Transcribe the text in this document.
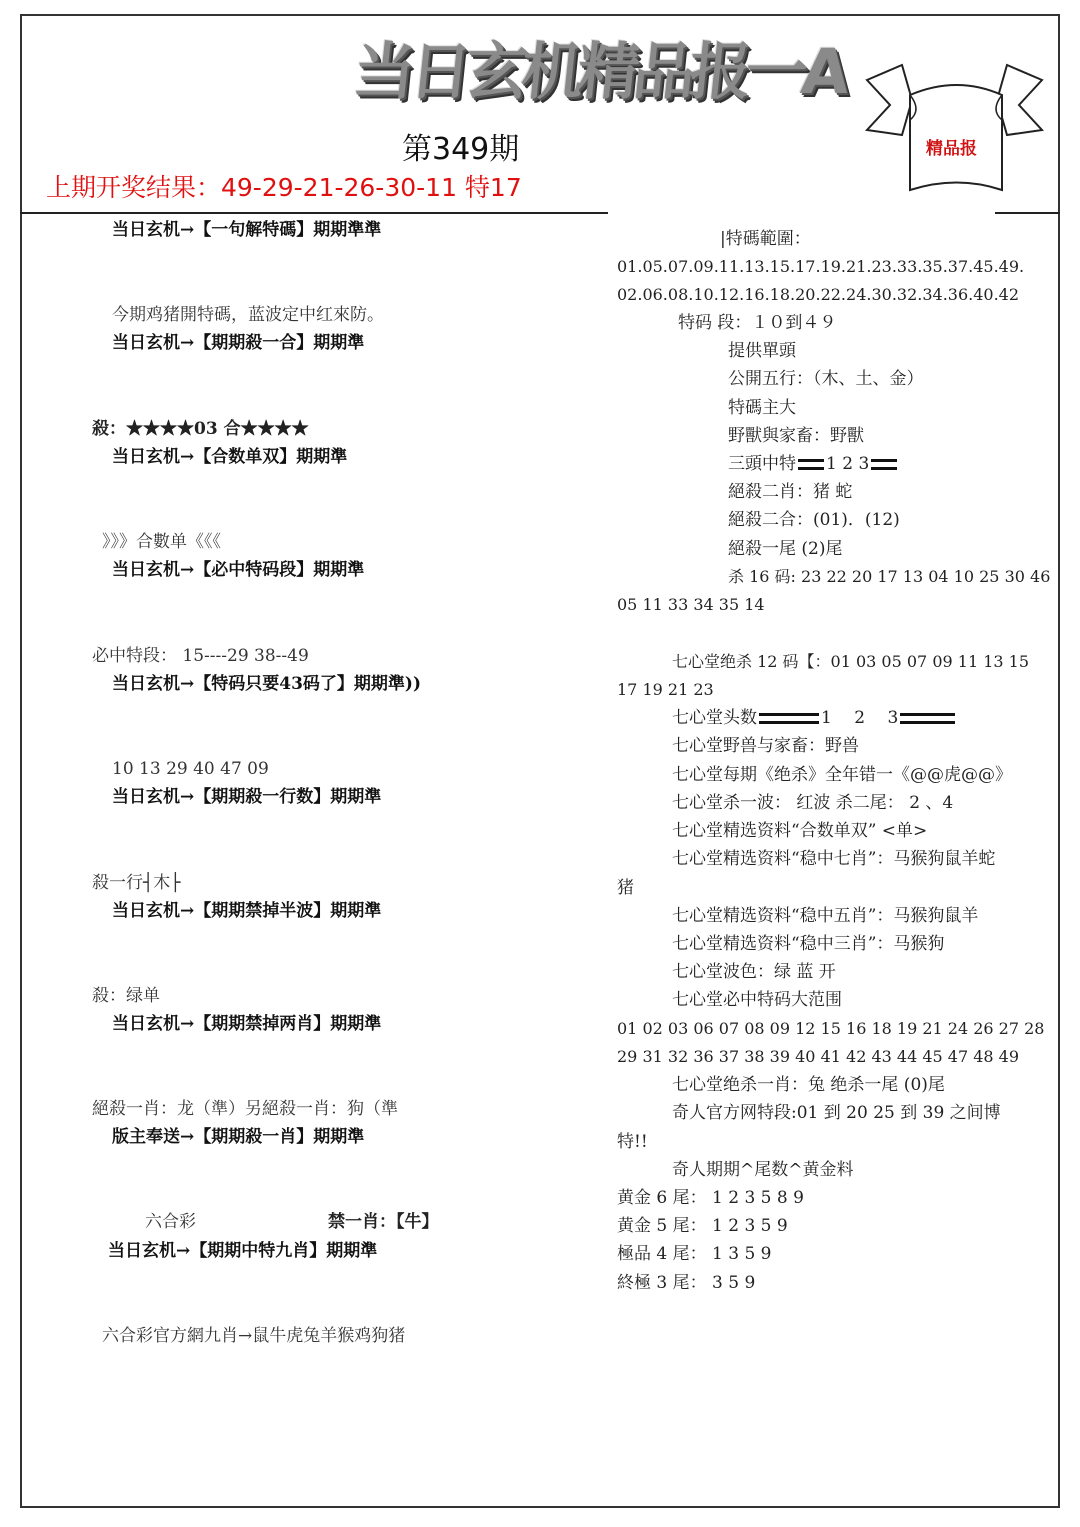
当日玄机精品报一A
精品报
第349期
上期开奖结果：49-29-21-26-30-11 特17
当日玄机→【一句解特碼】期期準準
今期鸡猪開特碼，蓝波定中红來防。
当日玄机→【期期殺一合】期期準
殺：★★★★03 合★★★★
当日玄机→【合数单双】期期準
》》》合數单《《《
当日玄机→【必中特码段】期期準
必中特段： 15----29 38--49
当日玄机→【特码只要43码了】期期準))
10 13 29 40 47 09
当日玄机→【期期殺一行数】期期準
殺一行┤木├
当日玄机→【期期禁掉半波】期期準
殺：绿单
当日玄机→【期期禁掉两肖】期期準
絕殺一肖：龙（準）另絕殺一肖：狗（準
版主奉送→【期期殺一肖】期期準
六合彩	禁一肖：【牛】
当日玄机→【期期中特九肖】期期準
六合彩官方網九肖→鼠牛虎兔羊猴鸡狗猪
|特碼範圍：
01.05.07.09.11.13.15.17.19.21.23.33.35.37.45.49.
02.06.08.10.12.16.18.20.22.24.30.32.34.36.40.42
特码 段：１０到４９
提供單頭
公開五行：（木、土、金）
特碼主大
野獸與家畜：野獸
三頭中特 1 2 3
絕殺二肖：猪 蛇
絕殺二合：(01)．(12)
絕殺一尾 (2)尾
杀 16 码: 23 22 20 17 13 04 10 25 30 46
05 11 33 34 35 14
七心堂绝杀 12 码【：01 03 05 07 09 11 13 15
17 19 21 23
七心堂头数	1　 2　 3
七心堂野兽与家畜：野兽
七心堂每期《绝杀》全年错一《@@虎@@》
七心堂杀一波： 红波 杀二尾： 2 、4
七心堂精选资料“合数单双” <单>
七心堂精选资料“稳中七肖”：马猴狗鼠羊蛇
猪
七心堂精选资料“稳中五肖”：马猴狗鼠羊
七心堂精选资料“稳中三肖”：马猴狗
七心堂波色：绿 蓝 开
七心堂必中特码大范围
01 02 03 06 07 08 09 12 15 16 18 19 21 24 26 27 28
29 31 32 36 37 38 39 40 41 42 43 44 45 47 48 49
七心堂绝杀一肖：兔 绝杀一尾 (0)尾
奇人官方网特段:01 到 20 25 到 39 之间博
特!!
奇人期期^尾数^黄金料
黄金 6 尾： 1 2 3 5 8 9
黄金 5 尾： 1 2 3 5 9
極品 4 尾： 1 3 5 9
終極 3 尾： 3 5 9
